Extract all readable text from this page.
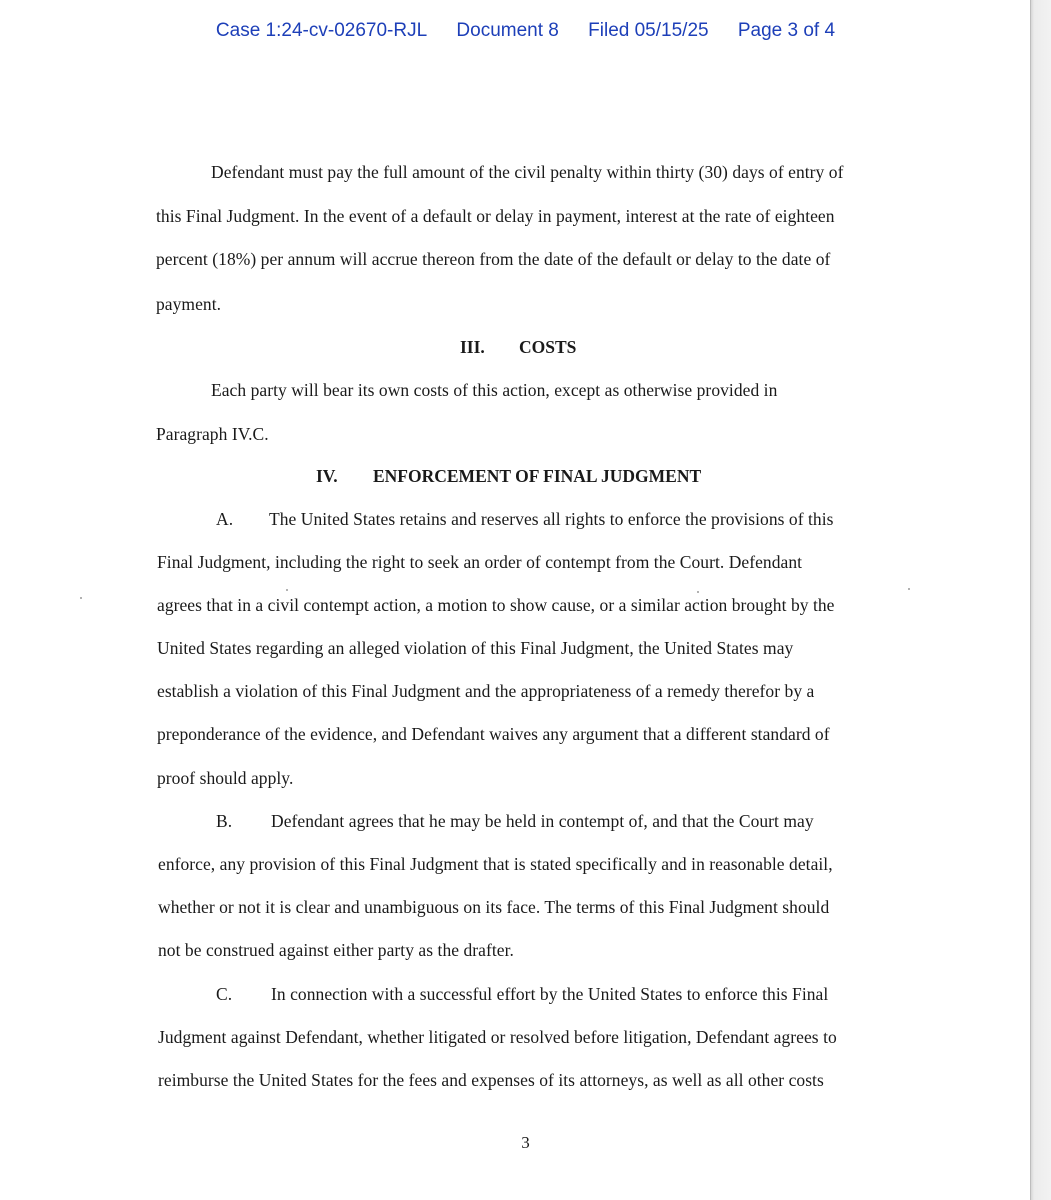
Case 1:24-cv-02670-RJL Document 8 Filed 05/15/25 Page 3 of 4
Defendant must pay the full amount of the civil penalty within thirty (30) days of entry of
this Final Judgment. In the event of a default or delay in payment, interest at the rate of eighteen
percent (18%) per annum will accrue thereon from the date of the default or delay to the date of
payment.
III. COSTS
Each party will bear its own costs of this action, except as otherwise provided in
Paragraph IV.C.
IV. ENFORCEMENT OF FINAL JUDGMENT
A. The United States retains and reserves all rights to enforce the provisions of this
Final Judgment, including the right to seek an order of contempt from the Court. Defendant
agrees that in a civil contempt action, a motion to show cause, or a similar action brought by the
United States regarding an alleged violation of this Final Judgment, the United States may
establish a violation of this Final Judgment and the appropriateness of a remedy therefor by a
preponderance of the evidence, and Defendant waives any argument that a different standard of
proof should apply.
B. Defendant agrees that he may be held in contempt of, and that the Court may
enforce, any provision of this Final Judgment that is stated specifically and in reasonable detail,
whether or not it is clear and unambiguous on its face. The terms of this Final Judgment should
not be construed against either party as the drafter.
C. In connection with a successful effort by the United States to enforce this Final
Judgment against Defendant, whether litigated or resolved before litigation, Defendant agrees to
reimburse the United States for the fees and expenses of its attorneys, as well as all other costs
3
